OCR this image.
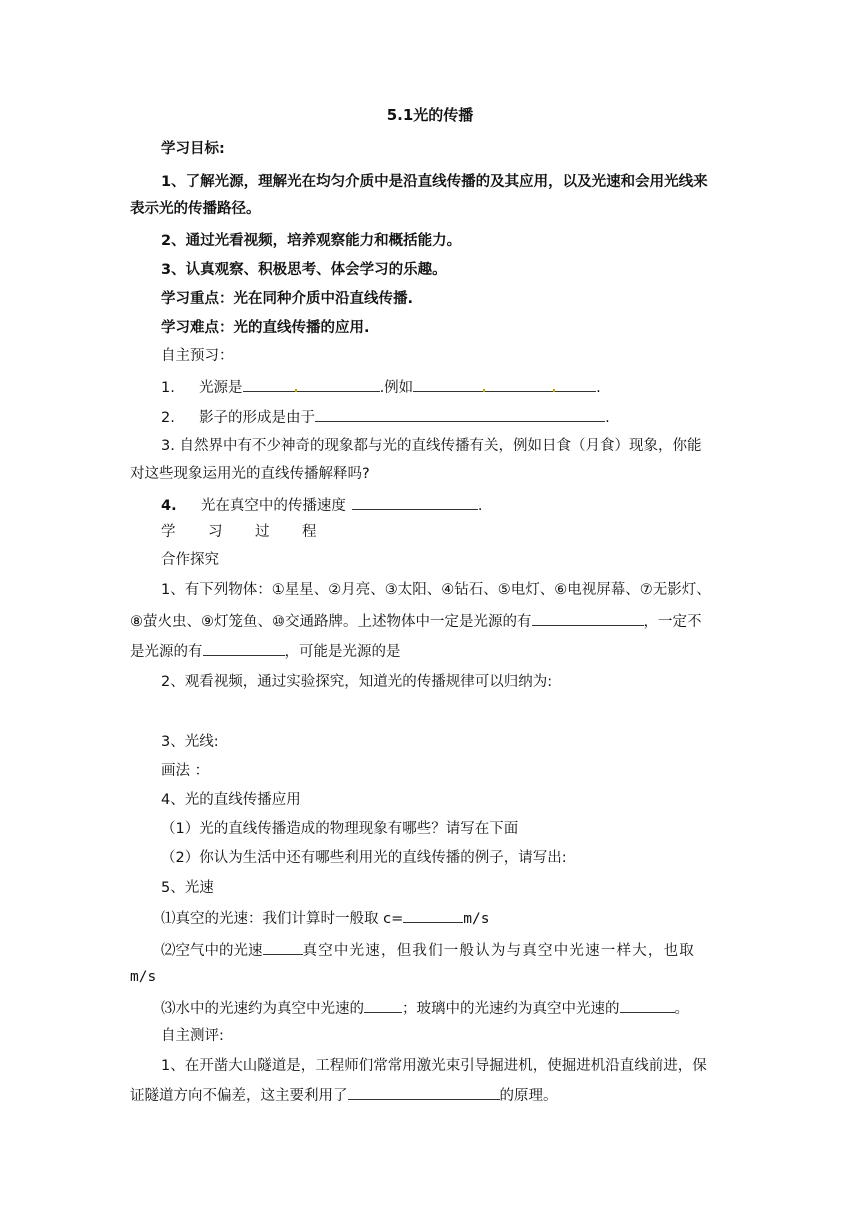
5.1光的传播
学习目标:
1、了解光源，理解光在均匀介质中是沿直线传播的及其应用，以及光速和会用光线来
表示光的传播路径。
2、通过光看视频，培养观察能力和概括能力。
3、认真观察、积极思考、体会学习的乐趣。
学习重点：光在同种介质中沿直线传播.
学习难点：光的直线传播的应用.
自主预习：
1. 光源是	.例如	.
2. 影子的形成是由于	.
3. 自然界中有不少神奇的现象都与光的直线传播有关，例如日食（月食）现象，你能
对这些现象运用光的直线传播解释吗?
4. 光在真空中的传播速度	.
学 习 过 程
合作探究
1、有下列物体：①星星、②月亮、③太阳、④钻石、⑤电灯、⑥电视屏幕、⑦无影灯、
⑧萤火虫、⑨灯笼鱼、⑩交通路牌。上述物体中一定是光源的有	，一定不
是光源的有	，可能是光源的是
2、观看视频，通过实验探究，知道光的传播规律可以归纳为:
3、光线:
画法 ：
4、光的直线传播应用
（1）光的直线传播造成的物理现象有哪些？请写在下面
（2）你认为生活中还有哪些利用光的直线传播的例子，请写出:
5、光速
⑴真空的光速：我们计算时一般取 c=	m/s
⑵空气中的光速	真空中光速，但我们一般认为与真空中光速一样大，也取
m/s
⑶水中的光速约为真空中光速的	；玻璃中的光速约为真空中光速的	。
自主测评:
1、在开凿大山隧道是，工程师们常常用激光束引导掘进机，使掘进机沿直线前进，保
证隧道方向不偏差，这主要利用了	的原理。
